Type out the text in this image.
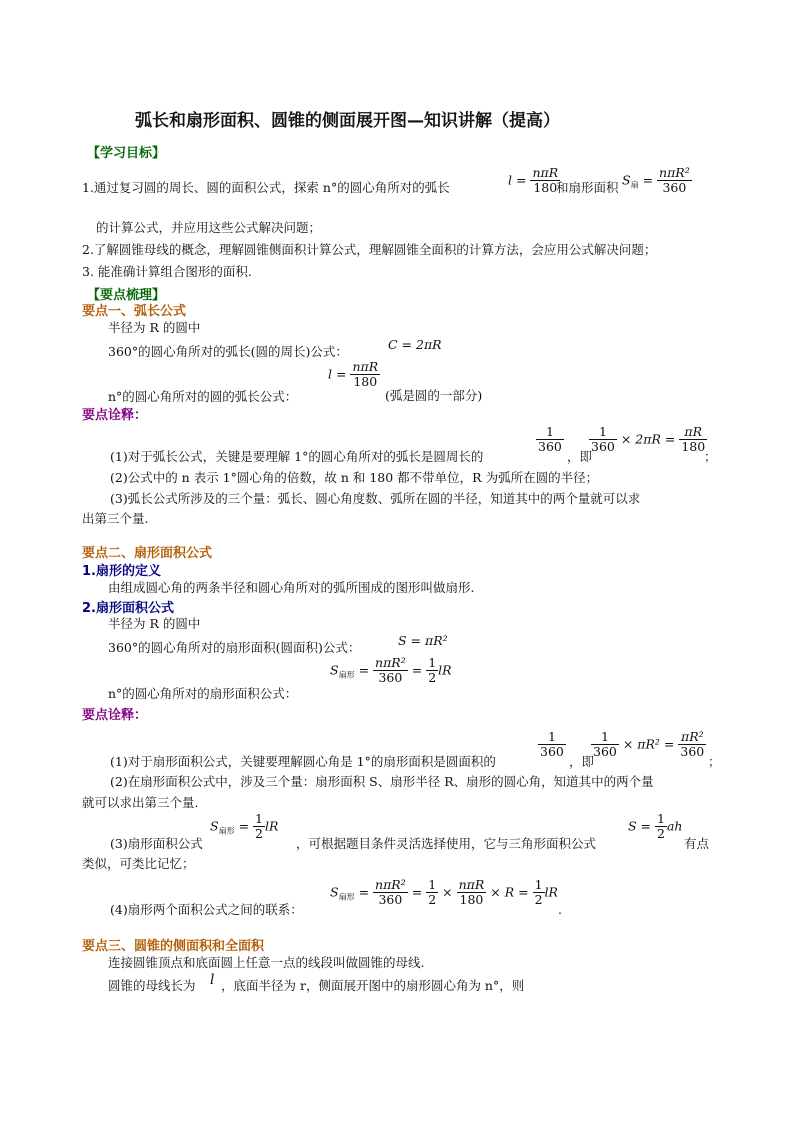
弧长和扇形面积、圆锥的侧面展开图—知识讲解（提高）
【学习目标】
1.通过复习圆的周长、圆的面积公式，探索 n°的圆心角所对的弧长
$l = \frac{\text{nπR}}{180}$
和扇形面积
$S_扇 = \frac{\text{nπR²}}{360}$
的计算公式，并应用这些公式解决问题；
2.了解圆锥母线的概念，理解圆锥侧面积计算公式，理解圆锥全面积的计算方法，会应用公式解决问题；
3. 能准确计算组合图形的面积.
【要点梳理】
要点一、弧长公式
半径为 R 的圆中
360°的圆心角所对的弧长(圆的周长)公式：	C = 2πR
$l = \frac{\text{nπR}}{180}$
n°的圆心角所对的圆的弧长公式：	(弧是圆的一部分)
要点诠释：
(1)对于弧长公式，关键是要理解 1°的圆心角所对的弧长是圆周长的
$\frac{1}{360}$
，即
$\frac{1}{360} \times 2\pi R = \frac{\pi R}{180}$
；
(2)公式中的 n 表示 1°圆心角的倍数，故 n 和 180 都不带单位，R 为弧所在圆的半径；
(3)弧长公式所涉及的三个量：弧长、圆心角度数、弧所在圆的半径，知道其中的两个量就可以求
出第三个量.
要点二、扇形面积公式
1.扇形的定义
由组成圆心角的两条半径和圆心角所对的弧所围成的图形叫做扇形.
2.扇形面积公式
半径为 R 的圆中
360°的圆心角所对的扇形面积(圆面积)公式：	S = πR²
$S_{扇形} = \frac{\text{nπR²}}{360} = \frac{1}{2}$ lR
n°的圆心角所对的扇形面积公式：
要点诠释：
(1)对于扇形面积公式，关键要理解圆心角是 1°的扇形面积是圆面积的
$\frac{1}{360}$
，即
$\frac{1}{360} \times \pi R^2 = \frac{\text{πR²}}{360}$
；
(2)在扇形面积公式中，涉及三个量：扇形面积 S、扇形半径 R、扇形的圆心角，知道其中的两个量
就可以求出第三个量.
(3)扇形面积公式
$S_{扇形} = \frac{1}{2}$ lR
，可根据题目条件灵活选择使用，它与三角形面积公式
$S = \frac{1}{2}$ ah
有点
类似，可类比记忆；
(4)扇形两个面积公式之间的联系：
$S_{扇形} = \frac{\text{nπR²}}{360} = \frac{1}{2} \times \frac{\text{nπR}}{180} \times R = \frac{1}{2}$ lR
.
要点三、圆锥的侧面积和全面积
连接圆锥顶点和底面圆上任意一点的线段叫做圆锥的母线.
圆锥的母线长为 l ，底面半径为 r，侧面展开图中的扇形圆心角为 n°，则
